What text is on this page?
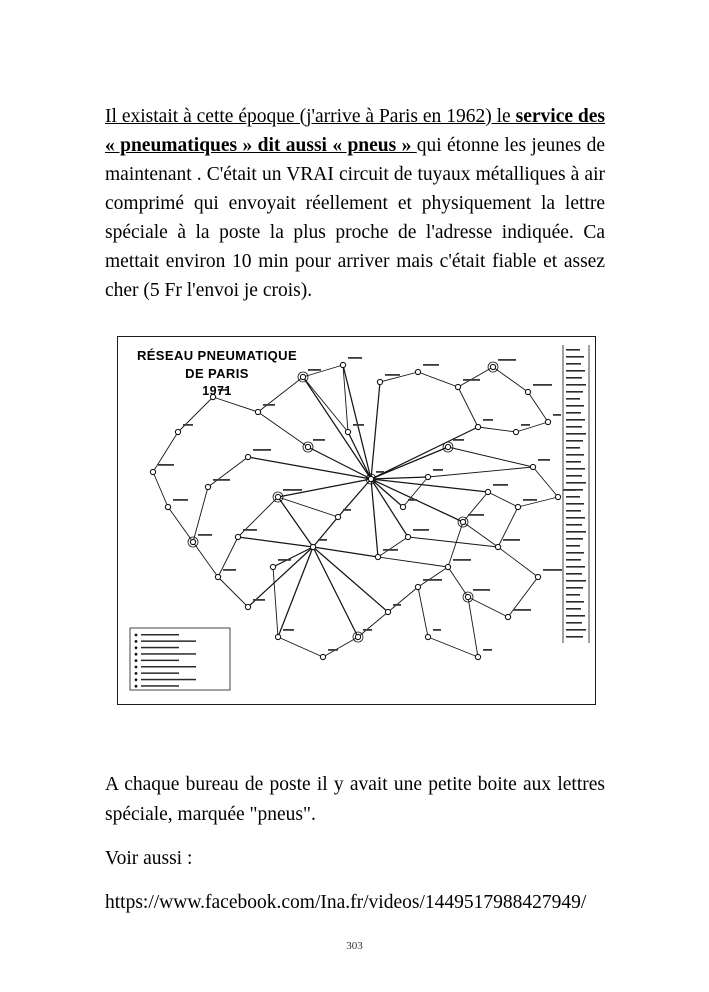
Il existait à cette époque (j'arrive à Paris en 1962) le service des « pneumatiques » dit aussi « pneus » qui étonne les jeunes de maintenant . C'était un VRAI circuit de tuyaux métalliques à air comprimé qui envoyait réellement et physiquement la lettre spéciale à la poste la plus proche de l'adresse indiquée. Ca mettait environ 10 min pour arriver mais c'était fiable et assez cher (5 Fr l'envoi je crois).

RÉSEAU PNEUMATIQUE
DE PARIS
1971

A chaque bureau de poste il y avait une petite boite aux lettres spéciale, marquée "pneus".

Voir aussi :

https://www.facebook.com/Ina.fr/videos/1449517988427949/

303
